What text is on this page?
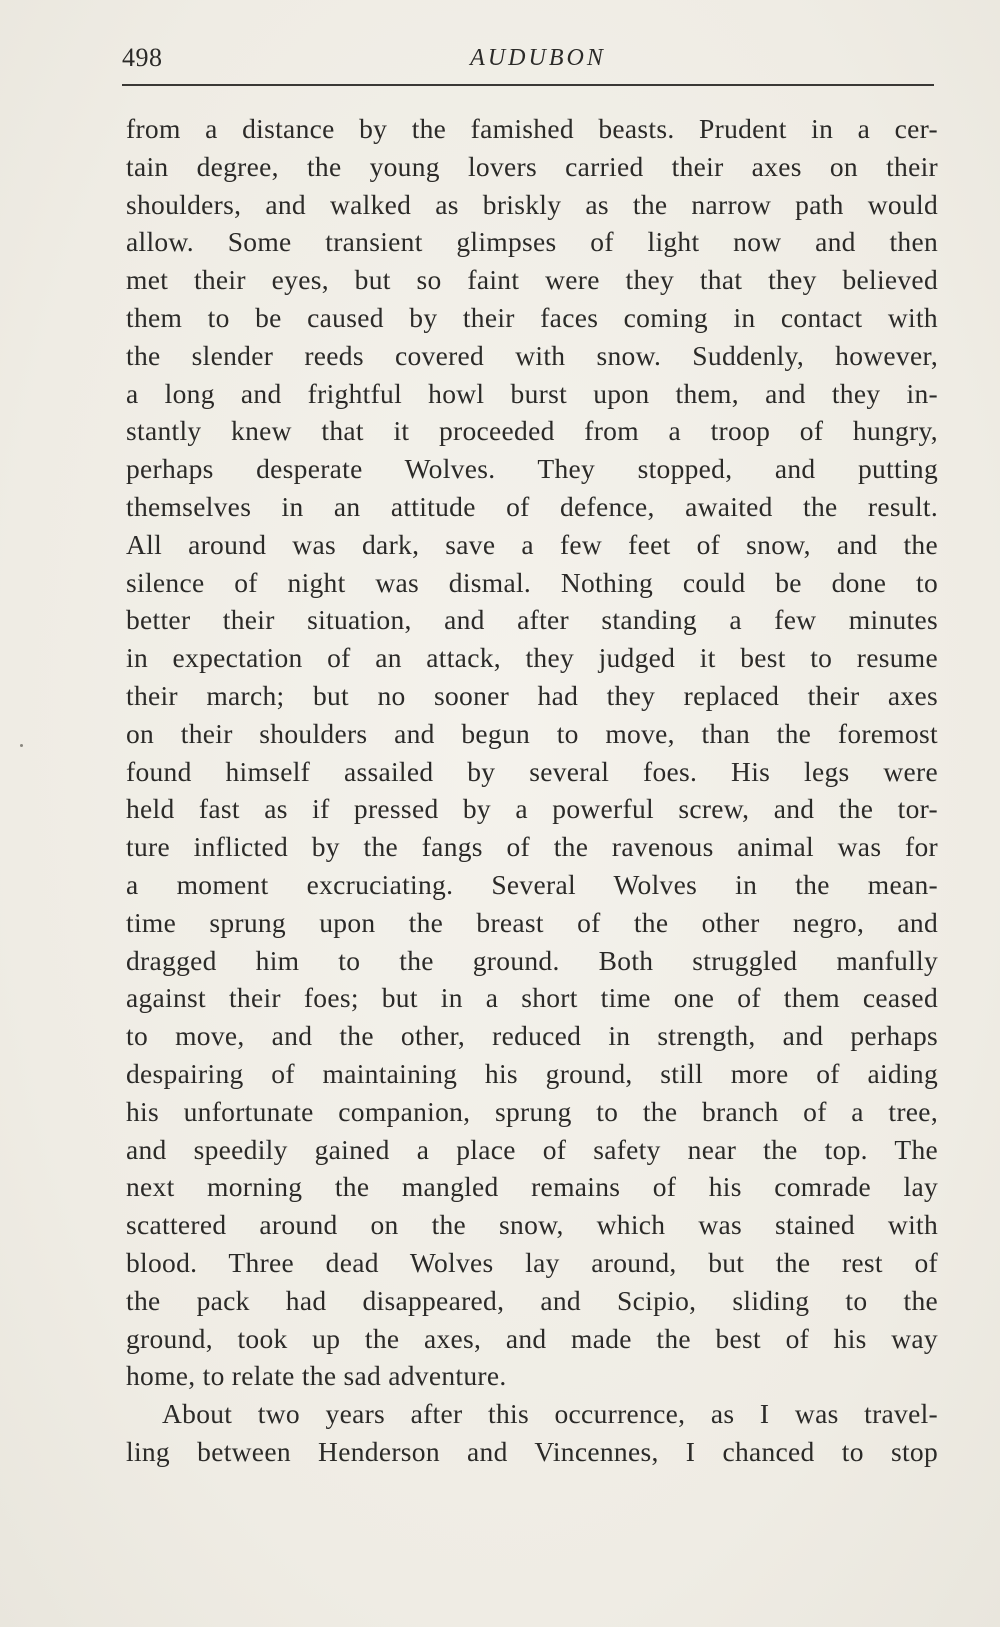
498	AUDUBON
from a distance by the famished beasts. Prudent in a cer-
tain degree, the young lovers carried their axes on their
shoulders, and walked as briskly as the narrow path would
allow. Some transient glimpses of light now and then
met their eyes, but so faint were they that they believed
them to be caused by their faces coming in contact with
the slender reeds covered with snow. Suddenly, however,
a long and frightful howl burst upon them, and they in-
stantly knew that it proceeded from a troop of hungry,
perhaps desperate Wolves. They stopped, and putting
themselves in an attitude of defence, awaited the result.
All around was dark, save a few feet of snow, and the
silence of night was dismal. Nothing could be done to
better their situation, and after standing a few minutes
in expectation of an attack, they judged it best to resume
their march; but no sooner had they replaced their axes
on their shoulders and begun to move, than the foremost
found himself assailed by several foes. His legs were
held fast as if pressed by a powerful screw, and the tor-
ture inflicted by the fangs of the ravenous animal was for
a moment excruciating. Several Wolves in the mean-
time sprung upon the breast of the other negro, and
dragged him to the ground. Both struggled manfully
against their foes; but in a short time one of them ceased
to move, and the other, reduced in strength, and perhaps
despairing of maintaining his ground, still more of aiding
his unfortunate companion, sprung to the branch of a tree,
and speedily gained a place of safety near the top. The
next morning the mangled remains of his comrade lay
scattered around on the snow, which was stained with
blood. Three dead Wolves lay around, but the rest of
the pack had disappeared, and Scipio, sliding to the
ground, took up the axes, and made the best of his way
home, to relate the sad adventure.
About two years after this occurrence, as I was travel-
ling between Henderson and Vincennes, I chanced to stop
